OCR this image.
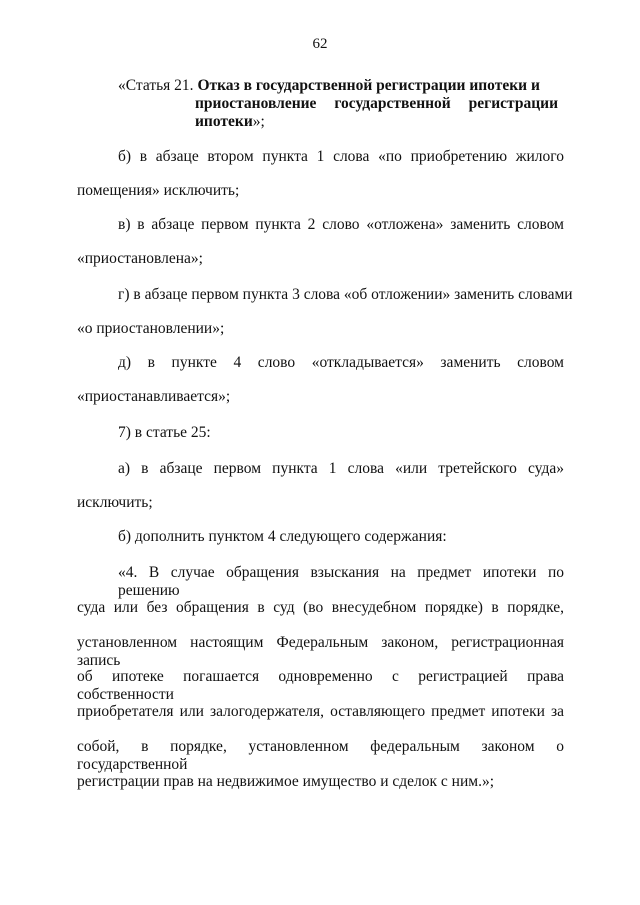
62
«Статья 21. Отказ в государственной регистрации ипотеки и
приостановление государственной регистрации
ипотеки»;
б) в абзаце втором пункта 1 слова «по приобретению жилого
помещения» исключить;
в) в абзаце первом пункта 2 слово «отложена» заменить словом
«приостановлена»;
г) в абзаце первом пункта 3 слова «об отложении» заменить словами
«о приостановлении»;
д) в пункте 4 слово «откладывается» заменить словом
«приостанавливается»;
7) в статье 25:
а) в абзаце первом пункта 1 слова «или третейского суда»
исключить;
б) дополнить пунктом 4 следующего содержания:
«4. В случае обращения взыскания на предмет ипотеки по решению
суда или без обращения в суд (во внесудебном порядке) в порядке,
установленном настоящим Федеральным законом, регистрационная запись
об ипотеке погашается одновременно с регистрацией права собственности
приобретателя или залогодержателя, оставляющего предмет ипотеки за
собой, в порядке, установленном федеральным законом о государственной
регистрации прав на недвижимое имущество и сделок с ним.»;
